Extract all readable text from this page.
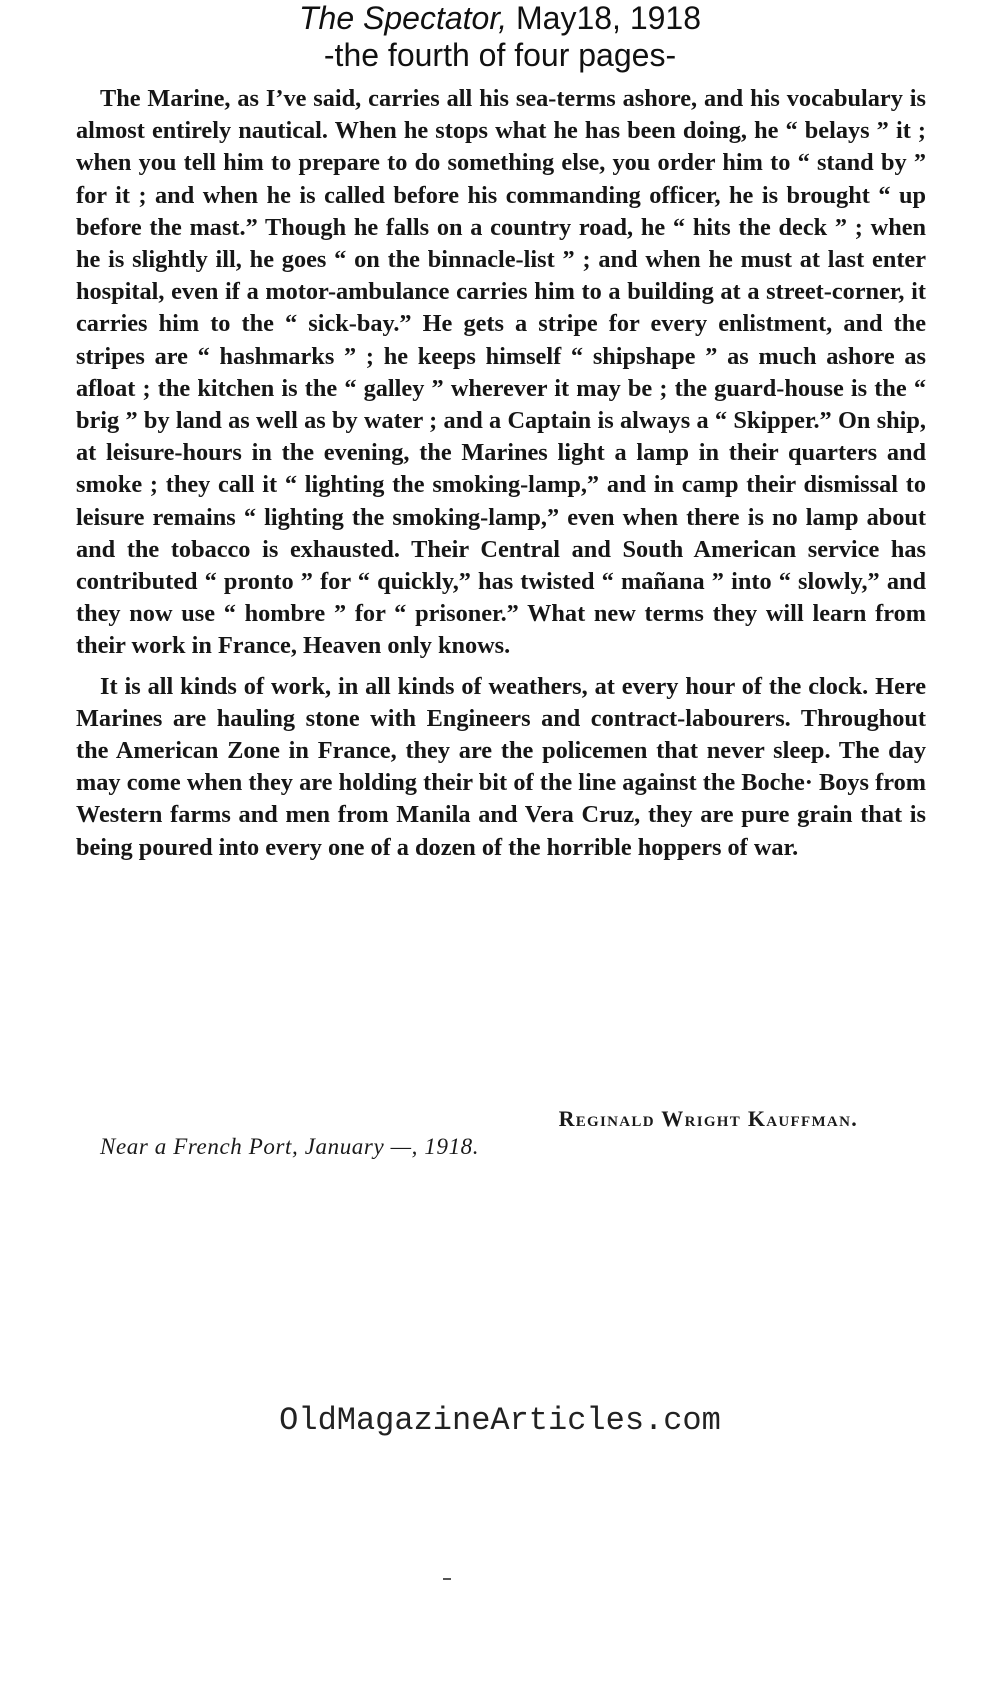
The Spectator, May18, 1918
-the fourth of four pages-

The Marine, as I’ve said, carries all his sea-terms ashore, and his vocabulary is almost entirely nautical. When he stops what he has been doing, he “ belays ” it ; when you tell him to prepare to do something else, you order him to “ stand by ” for it ; and when he is called before his commanding officer, he is brought “ up before the mast.” Though he falls on a country road, he “ hits the deck ” ; when he is slightly ill, he goes “ on the binnacle-list ” ; and when he must at last enter hospital, even if a motor-ambulance carries him to a building at a street-corner, it carries him to the “ sick-bay.” He gets a stripe for every enlistment, and the stripes are “ hashmarks ” ; he keeps himself “ shipshape ” as much ashore as afloat ; the kitchen is the “ galley ” wherever it may be ; the guard-house is the “ brig ” by land as well as by water ; and a Captain is always a “ Skipper.” On ship, at leisure-hours in the evening, the Marines light a lamp in their quarters and smoke ; they call it “ lighting the smoking-lamp,” and in camp their dismissal to leisure remains “ lighting the smoking-lamp,” even when there is no lamp about and the tobacco is exhausted. Their Central and South American service has contributed “ pronto ” for “ quickly,” has twisted “ mañana ” into “ slowly,” and they now use “ hombre ” for “ prisoner.” What new terms they will learn from their work in France, Heaven only knows.

It is all kinds of work, in all kinds of weathers, at every hour of the clock. Here Marines are hauling stone with Engineers and contract-labourers. Throughout the American Zone in France, they are the policemen that never sleep. The day may come when they are holding their bit of the line against the Boche· Boys from Western farms and men from Manila and Vera Cruz, they are pure grain that is being poured into every one of a dozen of the horrible hoppers of war.

Reginald Wright Kauffman.
Near a French Port, January —, 1918.
OldMagazineArticles.com
